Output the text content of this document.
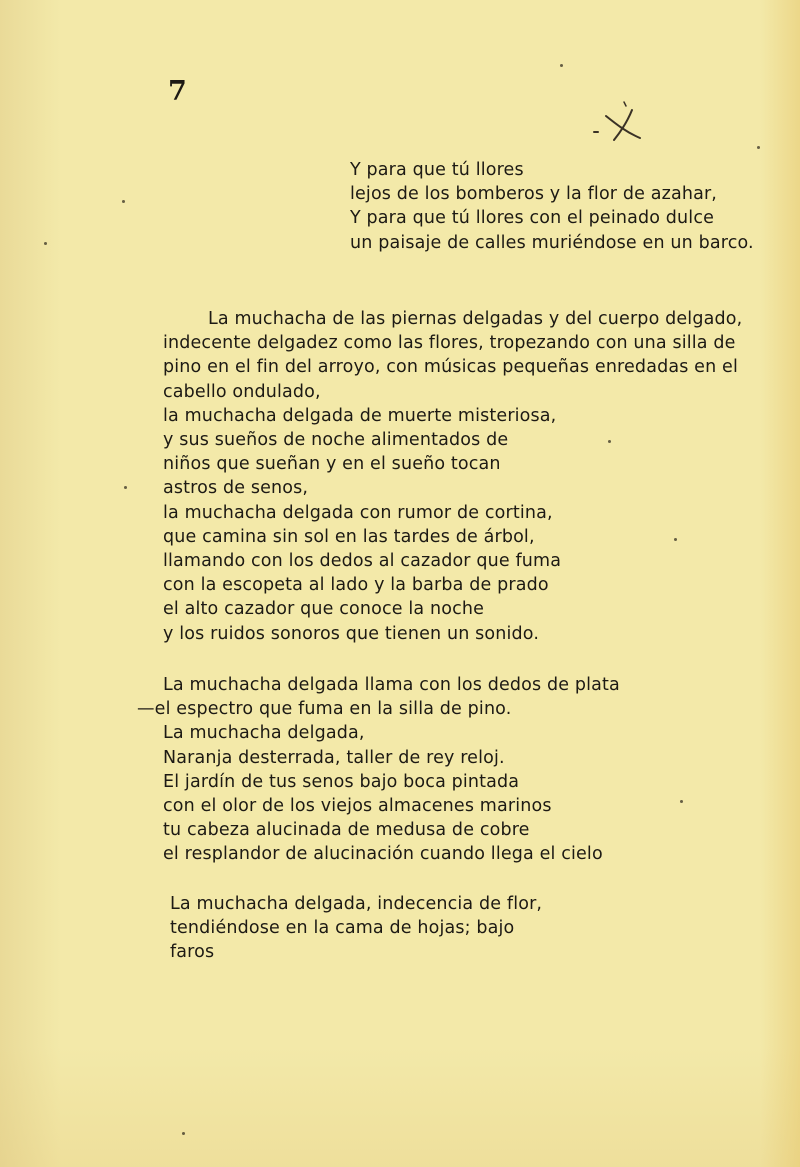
7
Y para que tú llores
lejos de los bomberos y la flor de azahar,
Y para que tú llores con el peinado dulce
un paisaje de calles muriéndose en un barco.
La muchacha de las piernas delgadas y del cuerpo delgado,
indecente delgadez como las flores, tropezando con una silla de
pino en el fin del arroyo, con músicas pequeñas enredadas en el
cabello ondulado,
la muchacha delgada de muerte misteriosa,
y sus sueños de noche alimentados de
niños que sueñan y en el sueño tocan
astros de senos,
la muchacha delgada con rumor de cortina,
que camina sin sol en las tardes de árbol,
llamando con los dedos al cazador que fuma
con la escopeta al lado y la barba de prado
el alto cazador que conoce la noche
y los ruidos sonoros que tienen un sonido.
La muchacha delgada llama con los dedos de plata
—el espectro que fuma en la silla de pino.
La muchacha delgada,
Naranja desterrada, taller de rey reloj.
El jardín de tus senos bajo boca pintada
con el olor de los viejos almacenes marinos
tu cabeza alucinada de medusa de cobre
el resplandor de alucinación cuando llega el cielo
La muchacha delgada, indecencia de flor,
tendiéndose en la cama de hojas; bajo
faros
